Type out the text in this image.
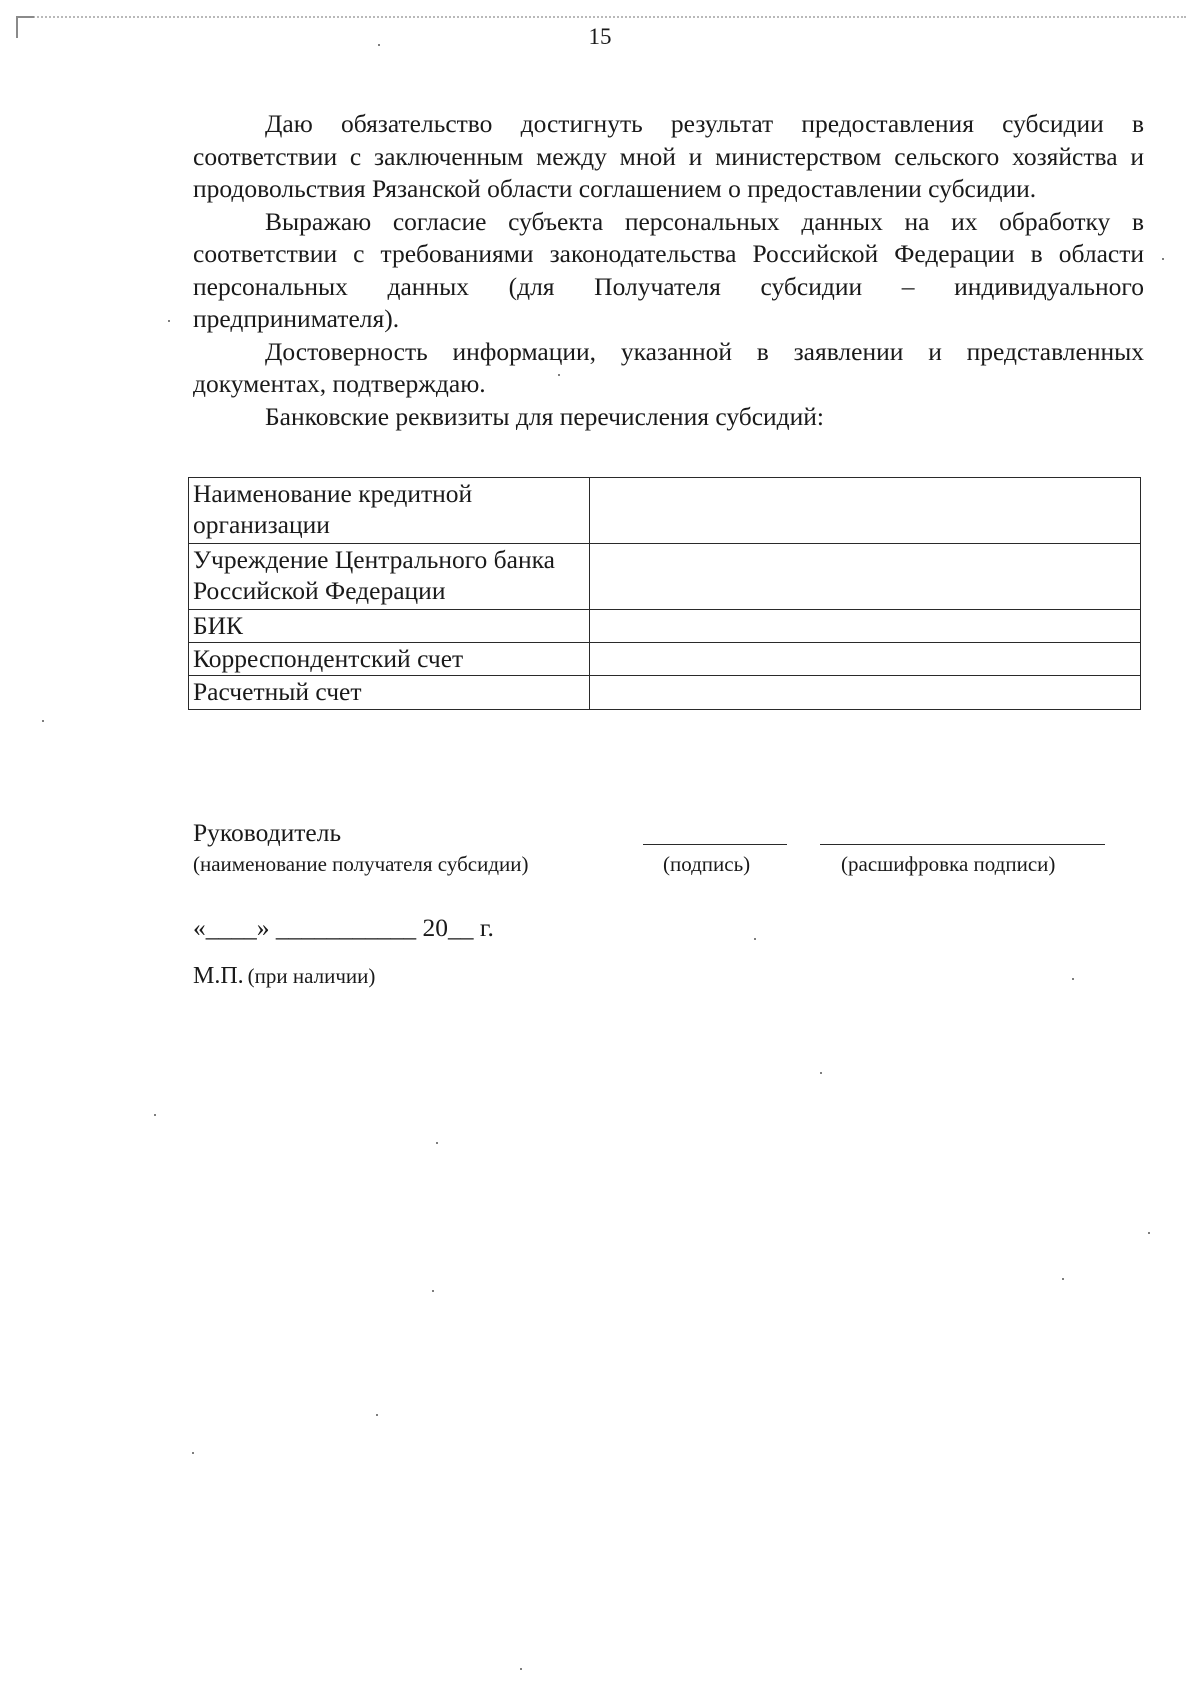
15

Даю обязательство достигнуть результат предоставления субсидии в соответствии с заключенным между мной и министерством сельского хозяйства и продовольствия Рязанской области соглашением о предоставлении субсидии.

Выражаю согласие субъекта персональных данных на их обработку в соответствии с требованиями законодательства Российской Федерации в области персональных данных (для Получателя субсидии – индивидуального предпринимателя).

Достоверность информации, указанной в заявлении и представленных документах, подтверждаю.

Банковские реквизиты для перечисления субсидий:

Наименование кредитной организации	
Учреждение Центрального банка Российской Федерации	
БИК	
Корреспондентский счет	
Расчетный счет	
Руководитель
(наименование получателя субсидии)	(подпись)	(расшифровка подписи)
«____» ___________ 20__ г.
М.П. (при наличии)
